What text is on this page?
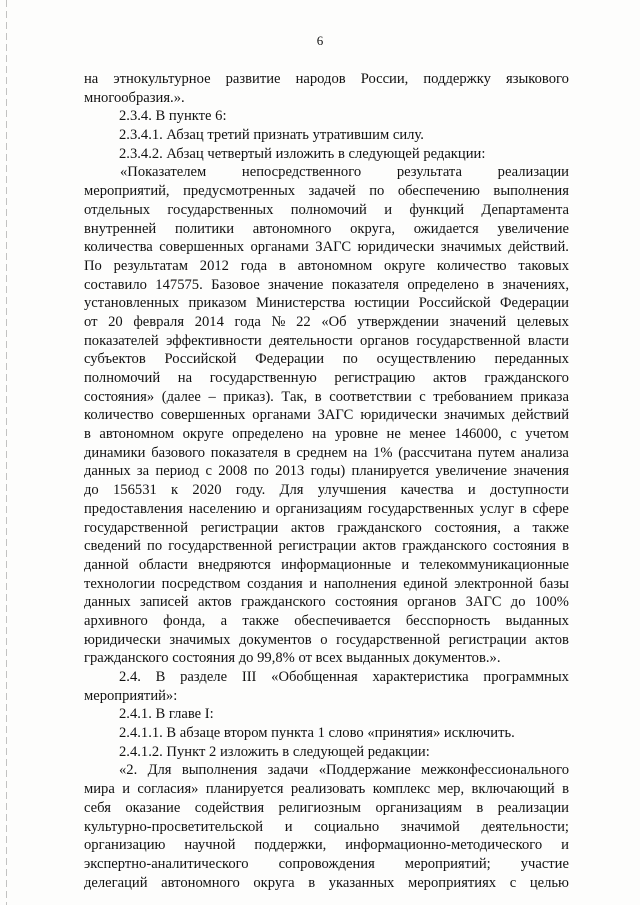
6
на этнокультурное развитие народов России, поддержку языкового
многообразия.».
2.3.4. В пункте 6:
2.3.4.1. Абзац третий признать утратившим силу.
2.3.4.2. Абзац четвертый изложить в следующей редакции:
«Показателем непосредственного результата реализации
мероприятий, предусмотренных задачей по обеспечению выполнения
отдельных государственных полномочий и функций Департамента
внутренней политики автономного округа, ожидается увеличение
количества совершенных органами ЗАГС юридически значимых действий.
По результатам 2012 года в автономном округе количество таковых
составило 147575. Базовое значение показателя определено в значениях,
установленных приказом Министерства юстиции Российской Федерации
от 20 февраля 2014 года № 22 «Об утверждении значений целевых
показателей эффективности деятельности органов государственной власти
субъектов Российской Федерации по осуществлению переданных
полномочий на государственную регистрацию актов гражданского
состояния» (далее – приказ). Так, в соответствии с требованием приказа
количество совершенных органами ЗАГС юридически значимых действий
в автономном округе определено на уровне не менее 146000, с учетом
динамики базового показателя в среднем на 1% (рассчитана путем анализа
данных за период с 2008 по 2013 годы) планируется увеличение значения
до 156531 к 2020 году. Для улучшения качества и доступности
предоставления населению и организациям государственных услуг в сфере
государственной регистрации актов гражданского состояния, а также
сведений по государственной регистрации актов гражданского состояния в
данной области внедряются информационные и телекоммуникационные
технологии посредством создания и наполнения единой электронной базы
данных записей актов гражданского состояния органов ЗАГС до 100%
архивного фонда, а также обеспечивается бесспорность выданных
юридически значимых документов о государственной регистрации актов
гражданского состояния до 99,8% от всех выданных документов.».
2.4. В разделе III «Обобщенная характеристика программных
мероприятий»:
2.4.1. В главе I:
2.4.1.1. В абзаце втором пункта 1 слово «принятия» исключить.
2.4.1.2. Пункт 2 изложить в следующей редакции:
«2. Для выполнения задачи «Поддержание межконфессионального
мира и согласия» планируется реализовать комплекс мер, включающий в
себя оказание содействия религиозным организациям в реализации
культурно-просветительской и социально значимой деятельности;
организацию научной поддержки, информационно-методического и
экспертно-аналитического сопровождения мероприятий; участие
делегаций автономного округа в указанных мероприятиях с целью
